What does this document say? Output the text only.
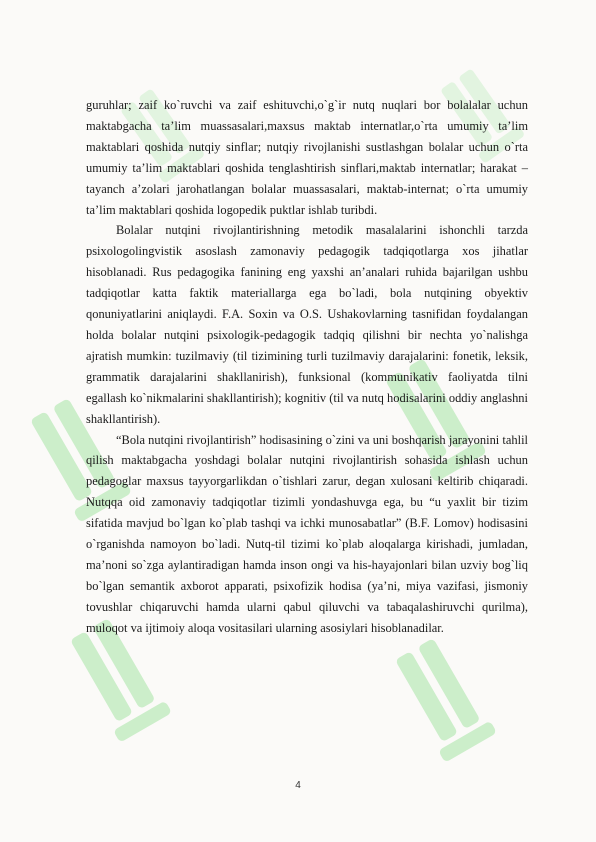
guruhlar; zaif ko`ruvchi va zaif eshituvchi,o`g`ir nutq nuqlari bor bolalalar uchun maktabgacha ta’lim muassasalari,maxsus maktab internatlar,o`rta umumiy ta’lim maktablari qoshida nutqiy sinflar; nutqiy rivojlanishi sustlashgan bolalar uchun o`rta umumiy ta’lim maktablari qoshida tenglashtirish sinflari,maktab internatlar; harakat – tayanch a’zolari jarohatlangan bolalar muassasalari, maktab-internat; o`rta umumiy ta’lim maktablari qoshida logopedik puktlar ishlab turibdi.

Bolalar nutqini rivojlantirishning metodik masalalarini ishonchli tarzda psixologolingvistik asoslash zamonaviy pedagogik tadqiqotlarga xos jihatlar hisoblanadi. Rus pedagogika fanining eng yaxshi an’analari ruhida bajarilgan ushbu tadqiqotlar katta faktik materiallarga ega bo`ladi, bola nutqining obyektiv qonuniyatlarini aniqlaydi. F.A. Soxin va O.S. Ushakovlarning tasnifidan foydalangan holda bolalar nutqini psixologik-pedagogik tadqiq qilishni bir nechta yo`nalishga ajratish mumkin: tuzilmaviy (til tizimining turli tuzilmaviy darajalarini: fonetik, leksik, grammatik darajalarini shakllanirish), funksional (kommunikativ faoliyatda tilni egallash ko`nikmalarini shakllantirish); kognitiv (til va nutq hodisalarini oddiy anglashni shakllantirish).

“Bola nutqini rivojlantirish” hodisasining o`zini va uni boshqarish jarayonini tahlil qilish maktabgacha yoshdagi bolalar nutqini rivojlantirish sohasida ishlash uchun pedagoglar maxsus tayyorgarlikdan o`tishlari zarur, degan xulosani keltirib chiqaradi. Nutqqa oid zamonaviy tadqiqotlar tizimli yondashuvga ega, bu “u yaxlit bir tizim sifatida mavjud bo`lgan ko`plab tashqi va ichki munosabatlar” (B.F. Lomov) hodisasini o`rganishda namoyon bo`ladi. Nutq-til tizimi ko`plab aloqalarga kirishadi, jumladan, ma’noni so`zga aylantiradigan hamda inson ongi va his-hayajonlari bilan uzviy bog`liq bo`lgan semantik axborot apparati, psixofizik hodisa (ya’ni, miya vazifasi, jismoniy tovushlar chiqaruvchi hamda ularni qabul qiluvchi va tabaqalashiruvchi qurilma), muloqot va ijtimoiy aloqa vositasilari ularning asosiylari hisoblanadilar.

4
